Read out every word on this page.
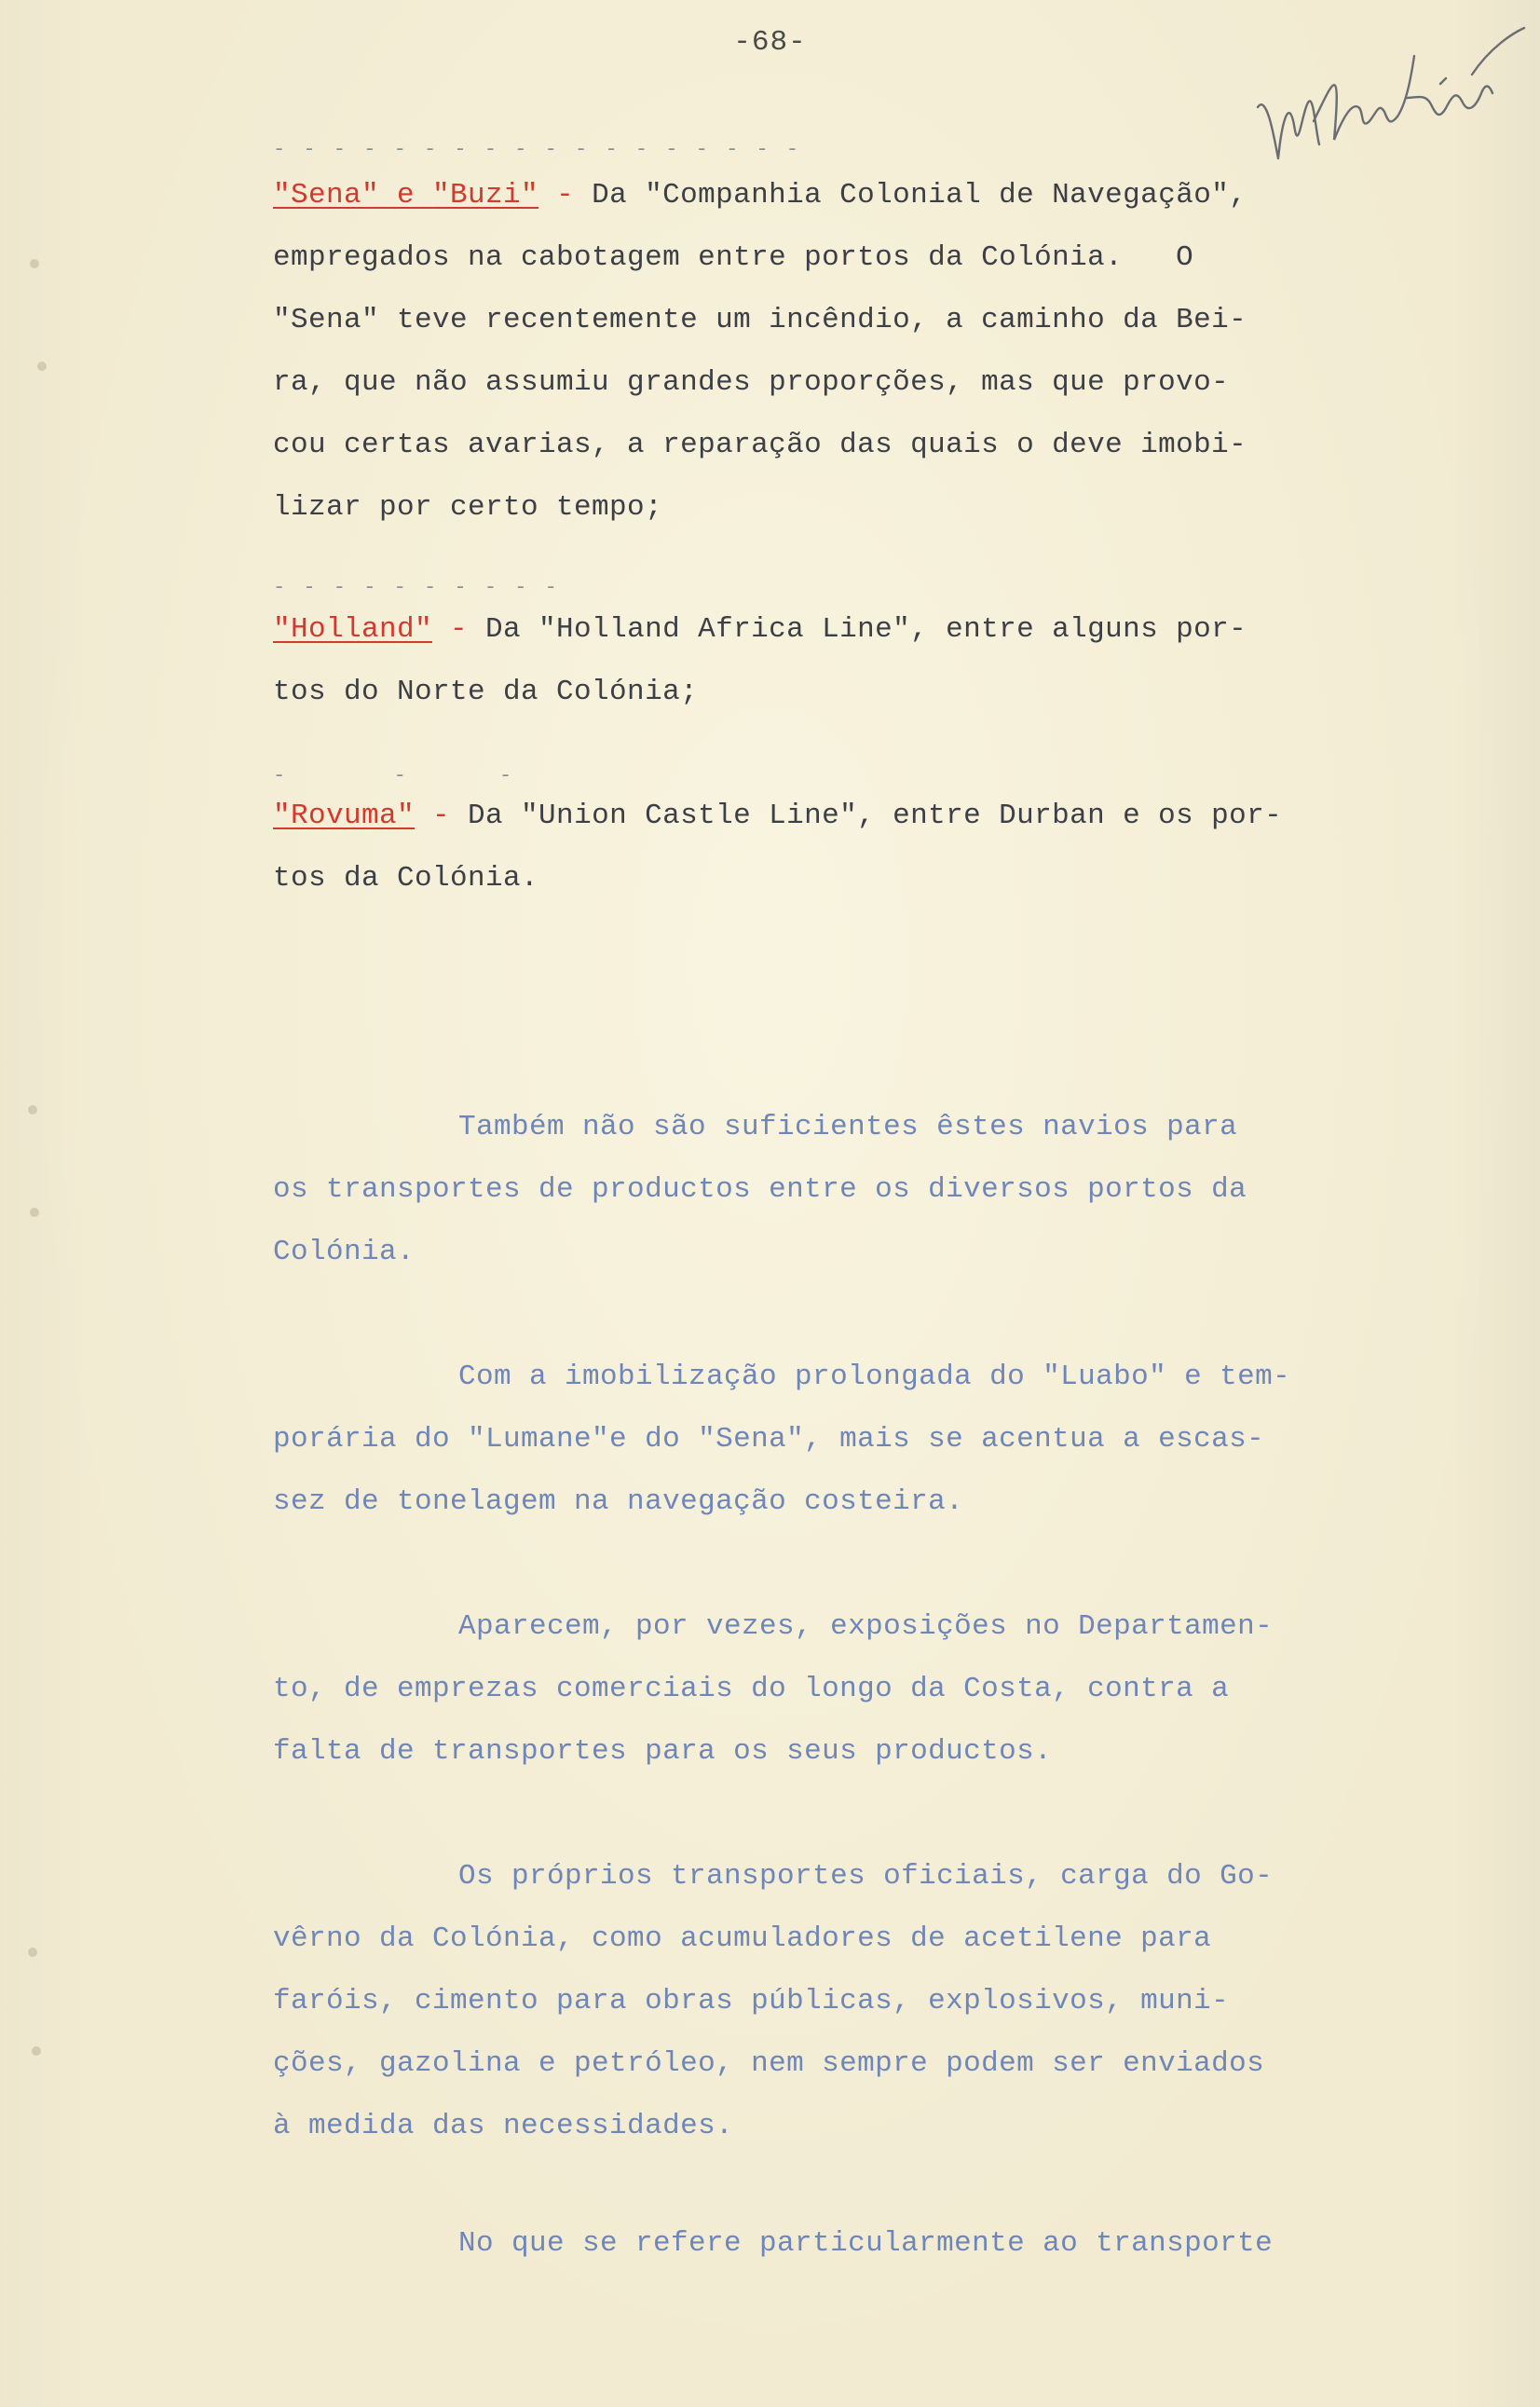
-68-
- - - - - - - - - - - - - - - - - -
"Sena" e "Buzi" - Da "Companhia Colonial de Navegação",
empregados na cabotagem entre portos da Colónia.   O
"Sena" teve recentemente um incêndio, a caminho da Bei-
ra, que não assumiu grandes proporções, mas que provo-
cou certas avarias, a reparação das quais o deve imobi-
lizar por certo tempo;
- - - - - - - - - -
"Holland" - Da "Holland Africa Line", entre alguns por-
tos do Norte da Colónia;
-       -      -
"Rovuma" - Da "Union Castle Line", entre Durban e os por-
tos da Colónia.
Também não são suficientes êstes navios para
os transportes de productos entre os diversos portos da
Colónia.
Com a imobilização prolongada do "Luabo" e tem-
porária do "Lumane"e do "Sena", mais se acentua a escas-
sez de tonelagem na navegação costeira.
Aparecem, por vezes, exposições no Departamen-
to, de emprezas comerciais do longo da Costa, contra a
falta de transportes para os seus productos.
Os próprios transportes oficiais, carga do Go-
vêrno da Colónia, como acumuladores de acetilene para
faróis, cimento para obras públicas, explosivos, muni-
ções, gazolina e petróleo, nem sempre podem ser enviados
à medida das necessidades.
No que se refere particularmente ao transporte
